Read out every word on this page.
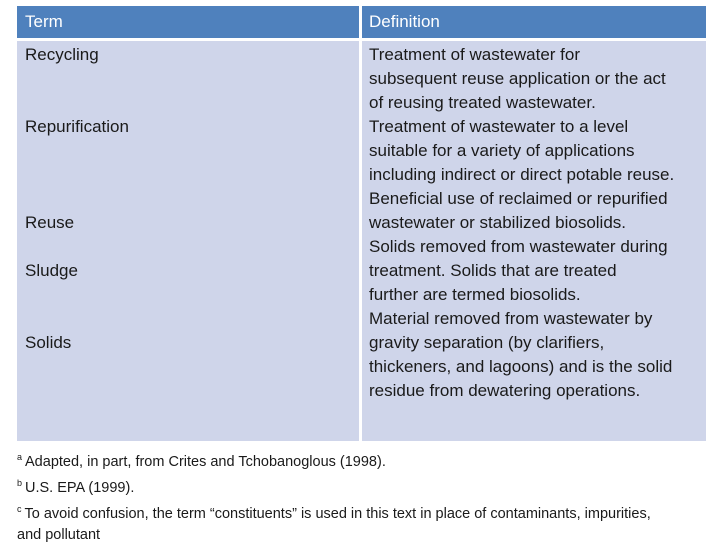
Term	Definition
Recycling
Repurification
Reuse
Sludge
Solids
Treatment of wastewater for
subsequent reuse application or the act
of reusing treated wastewater.
Treatment of wastewater to a level
suitable for a variety of applications
including indirect or direct potable reuse.
Beneficial use of reclaimed or repurified
wastewater or stabilized biosolids.
Solids removed from wastewater during
treatment. Solids that are treated
further are termed biosolids.
Material removed from wastewater by
gravity separation (by clarifiers,
thickeners, and lagoons) and is the solid
residue from dewatering operations.
$^a$ Adapted, in part, from Crites and Tchobanoglous (1998).
$^b$ U.S. EPA (1999).
$^c$ To avoid confusion, the term “constituents” is used in this text in place of contaminants, impurities,
and pollutant
